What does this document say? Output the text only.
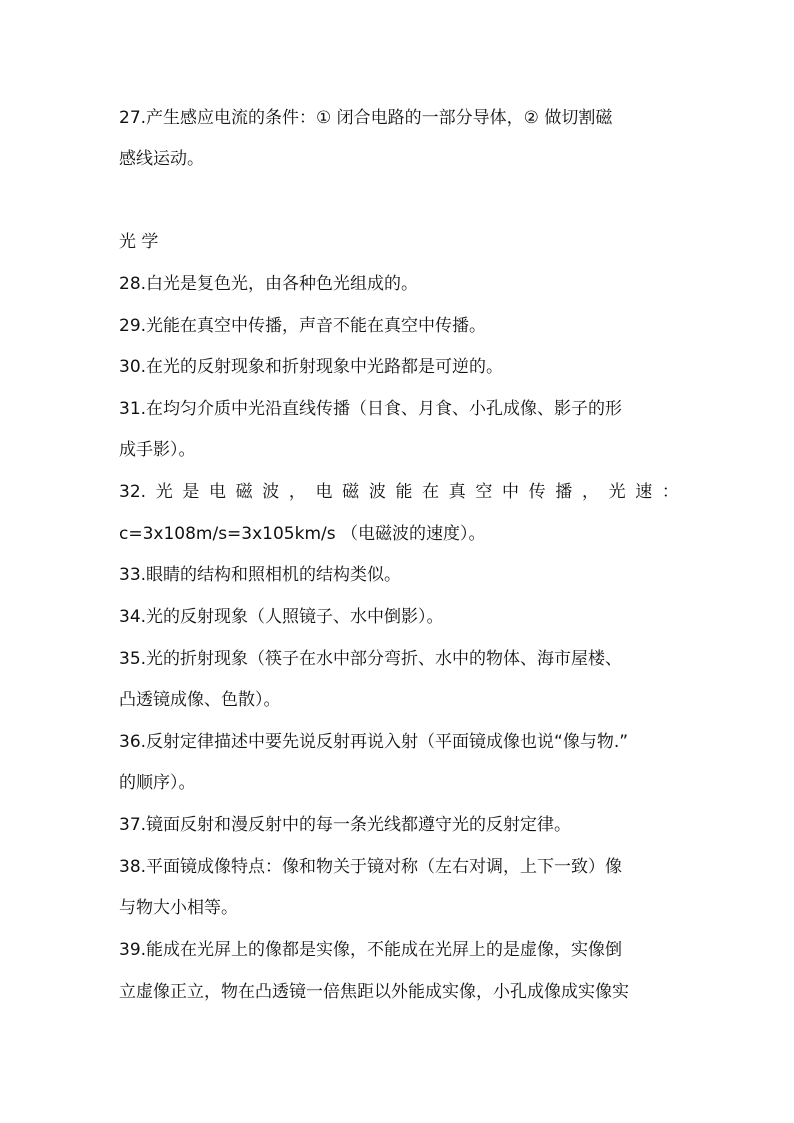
27.产生感应电流的条件：① 闭合电路的一部分导体，② 做切割磁
感线运动。
光 学
28.白光是复色光，由各种色光组成的。
29.光能在真空中传播，声音不能在真空中传播。
30.在光的反射现象和折射现象中光路都是可逆的。
31.在均匀介质中光沿直线传播（日食、月食、小孔成像、影子的形
成手影）。
32. 光 是 电 磁 波 ， 电 磁 波 能 在 真 空 中 传 播 ， 光 速 ：
c=3x108m/s=3x105km/s （电磁波的速度）。
33.眼睛的结构和照相机的结构类似。
34.光的反射现象（人照镜子、水中倒影）。
35.光的折射现象（筷子在水中部分弯折、水中的物体、海市屋楼、
凸透镜成像、色散）。
36.反射定律描述中要先说反射再说入射（平面镜成像也说“像与物.”
的顺序）。
37.镜面反射和漫反射中的每一条光线都遵守光的反射定律。
38.平面镜成像特点：像和物关于镜对称（左右对调，上下一致）像
与物大小相等。
39.能成在光屏上的像都是实像，不能成在光屏上的是虚像，实像倒
立虚像正立，物在凸透镜一倍焦距以外能成实像，小孔成像成实像实
